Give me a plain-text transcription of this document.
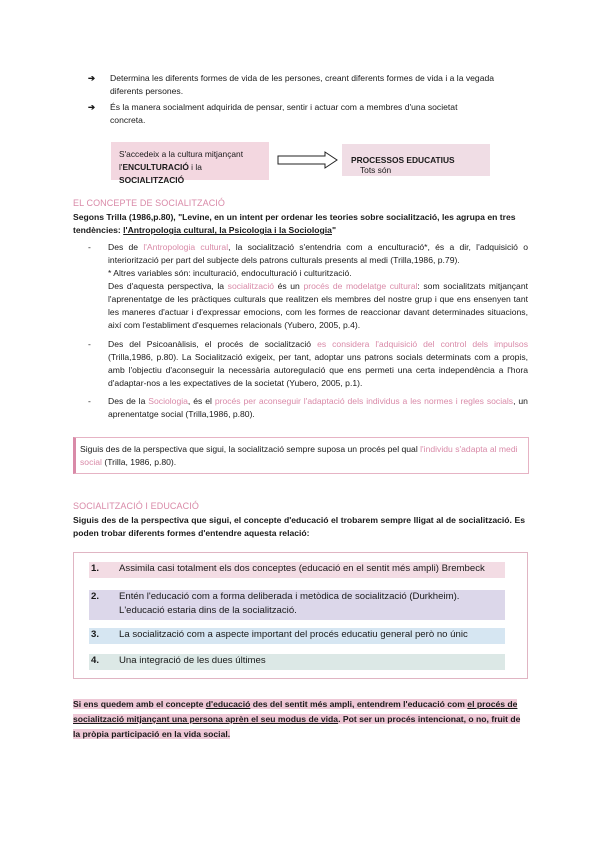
➔ Determina les diferents formes de vida de les persones, creant diferents formes de vida i a la vegada
diferents persones.
➔ És la manera socialment adquirida de pensar, sentir i actuar com a membres d'una societat
concreta.
S'accedeix a la cultura mitjançant
l'ENCULTURACIÓ i la SOCIALITZACIÓ
Tots són
PROCESSOS EDUCATIUS
EL CONCEPTE DE SOCIALITZACIÓ
Segons Trilla (1986,p.80), "Levine, en un intent per ordenar les teories sobre socialització, les agrupa en tres
tendències: l'Antropologia cultural, la Psicologia i la Sociologia"
- Des de l'Antropologia cultural, la socialització s'entendria com a enculturació*, és a dir, l'adquisició o interiorització per part del subjecte dels patrons culturals presents al medi (Trilla,1986, p.79).
* Altres variables són: inculturació, endoculturació i culturització.
Des d'aquesta perspectiva, la socialització és un procés de modelatge cultural: som socialitzats mitjançant l'aprenentatge de les pràctiques culturals que realitzen els membres del nostre grup i que ens ensenyen tant les maneres d'actuar i d'expressar emocions, com les formes de reaccionar davant determinades situacions, així com l'establiment d'esquemes relacionals (Yubero, 2005, p.4).
- Des del Psicoanàlisis, el procés de socialització es considera l'adquisició del control dels impulsos (Trilla,1986, p.80). La Socialització exigeix, per tant, adoptar uns patrons socials determinats com a propis, amb l'objectiu d'aconseguir la necessària autoregulació que ens permeti una certa independència a l'hora d'adaptar-nos a les expectatives de la societat (Yubero, 2005, p.1).
- Des de la Sociologia, és el procés per aconseguir l'adaptació dels individus a les normes i regles socials, un aprenentatge social (Trilla,1986, p.80).
Siguis des de la perspectiva que sigui, la socialització sempre suposa un procés pel qual l'individu s'adapta al medi social (Trilla, 1986, p.80).
SOCIALITZACIÓ I EDUCACIÓ
Siguis des de la perspectiva que sigui, el concepte d'educació el trobarem sempre lligat al de socialització. Es poden trobar diferents formes d'entendre aquesta relació:
1. Assimila casi totalment els dos conceptes (educació en el sentit més ampli) Brembeck
2. Entén l'educació com a forma deliberada i metòdica de socialització (Durkheim).
L'educació estaria dins de la socialització.
3. La socialització com a aspecte important del procés educatiu general però no únic
4. Una integració de les dues últimes
Si ens quedem amb el concepte d'educació des del sentit més ampli, entendrem l'educació com el procés de socialització mitjançant una persona aprèn el seu modus de vida. Pot ser un procés intencionat, o no, fruit de la pròpia participació en la vida social.
